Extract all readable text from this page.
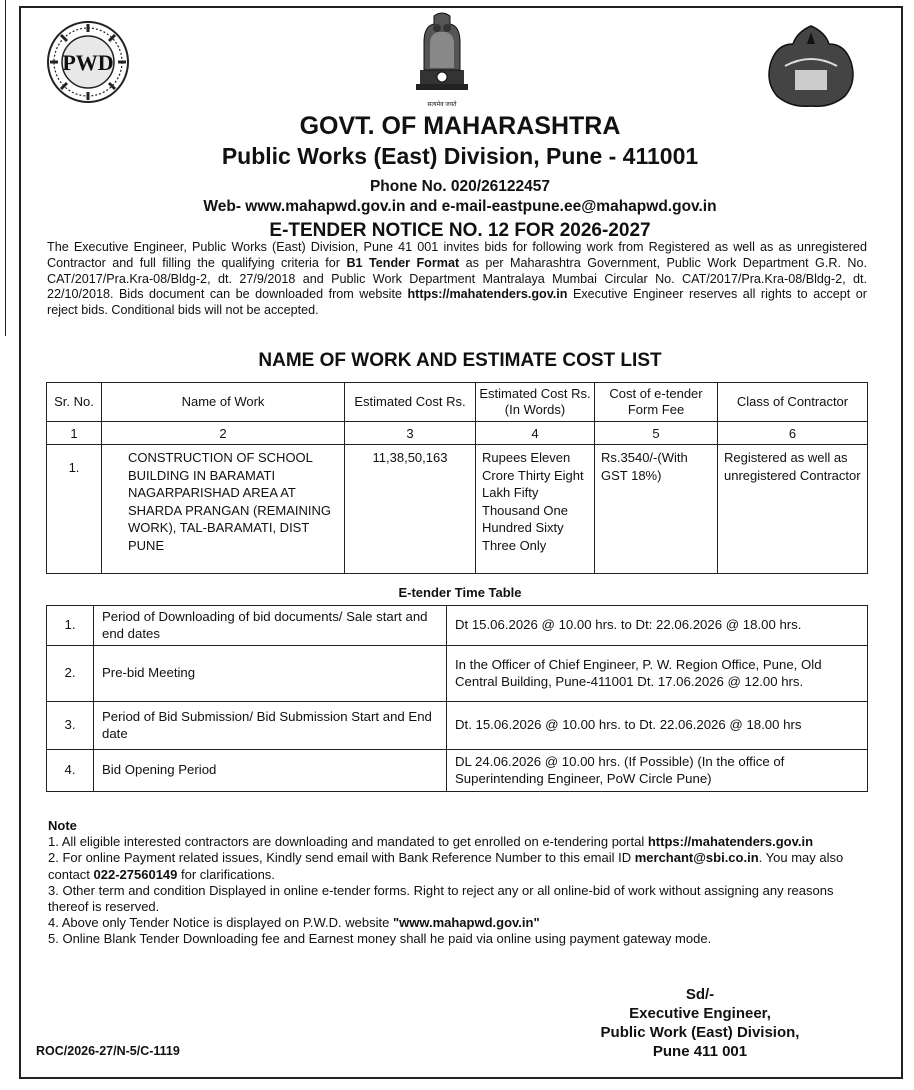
PWD
सत्यमेव जयते
GOVT. OF MAHARASHTRA
Public Works (East) Division, Pune - 411001
Phone No. 020/26122457
Web- www.mahapwd.gov.in and e-mail-eastpune.ee@mahapwd.gov.in
E-TENDER NOTICE NO. 12 FOR 2026-2027
The Executive Engineer, Public Works (East) Division, Pune 41 001 invites bids for following work from Registered as well as as unregistered Contractor and full filling the qualifying criteria for B1 Tender Format as per Maharashtra Government, Public Work Department G.R. No. CAT/2017/Pra.Kra-08/Bldg-2, dt. 27/9/2018 and Public Work Department Mantralaya Mumbai Circular No. CAT/2017/Pra.Kra-08/Bldg-2, dt. 22/10/2018. Bids document can be downloaded from website https://mahatenders.gov.in Executive Engineer reserves all rights to accept or reject bids. Conditional bids will not be accepted.
NAME OF WORK AND ESTIMATE COST LIST
Sr. No.	Name of Work	Estimated Cost Rs.	Estimated Cost Rs. (In Words)	Cost of e-tender Form Fee	Class of Contractor
1	2	3	4	5	6
1.	CONSTRUCTION OF SCHOOL BUILDING IN BARAMATI NAGARPARISHAD AREA AT SHARDA PRANGAN (REMAINING WORK), TAL-BARAMATI, DIST PUNE	11,38,50,163	Rupees Eleven Crore Thirty Eight Lakh Fifty Thousand One Hundred Sixty Three Only	Rs.3540/-(With GST 18%)	Registered as well as unregistered Contractor
E-tender Time Table
1.	Period of Downloading of bid documents/ Sale start and end dates	Dt 15.06.2026 @ 10.00 hrs. to Dt: 22.06.2026 @ 18.00 hrs.
2.	Pre-bid Meeting	In the Officer of Chief Engineer, P. W. Region Office, Pune, Old Central Building, Pune-411001 Dt. 17.06.2026 @ 12.00 hrs.
3.	Period of Bid Submission/ Bid Submission Start and End date	Dt. 15.06.2026 @ 10.00 hrs. to Dt. 22.06.2026 @ 18.00 hrs
4.	Bid Opening Period	DL 24.06.2026 @ 10.00 hrs. (If Possible) (In the office of Superintending Engineer, PoW Circle Pune)
Note
1. All eligible interested contractors are downloading and mandated to get enrolled on e-tendering portal https://mahatenders.gov.in
2. For online Payment related issues, Kindly send email with Bank Reference Number to this email ID merchant@sbi.co.in. You may also contact 022-27560149 for clarifications.
3. Other term and condition Displayed in online e-tender forms. Right to reject any or all online-bid of work without assigning any reasons thereof is reserved.
4. Above only Tender Notice is displayed on P.W.D. website "www.mahapwd.gov.in"
5. Online Blank Tender Downloading fee and Earnest money shall he paid via online using payment gateway mode.
Sd/-
Executive Engineer,
Public Work (East) Division,
Pune 411 001
ROC/2026-27/N-5/C-1119
